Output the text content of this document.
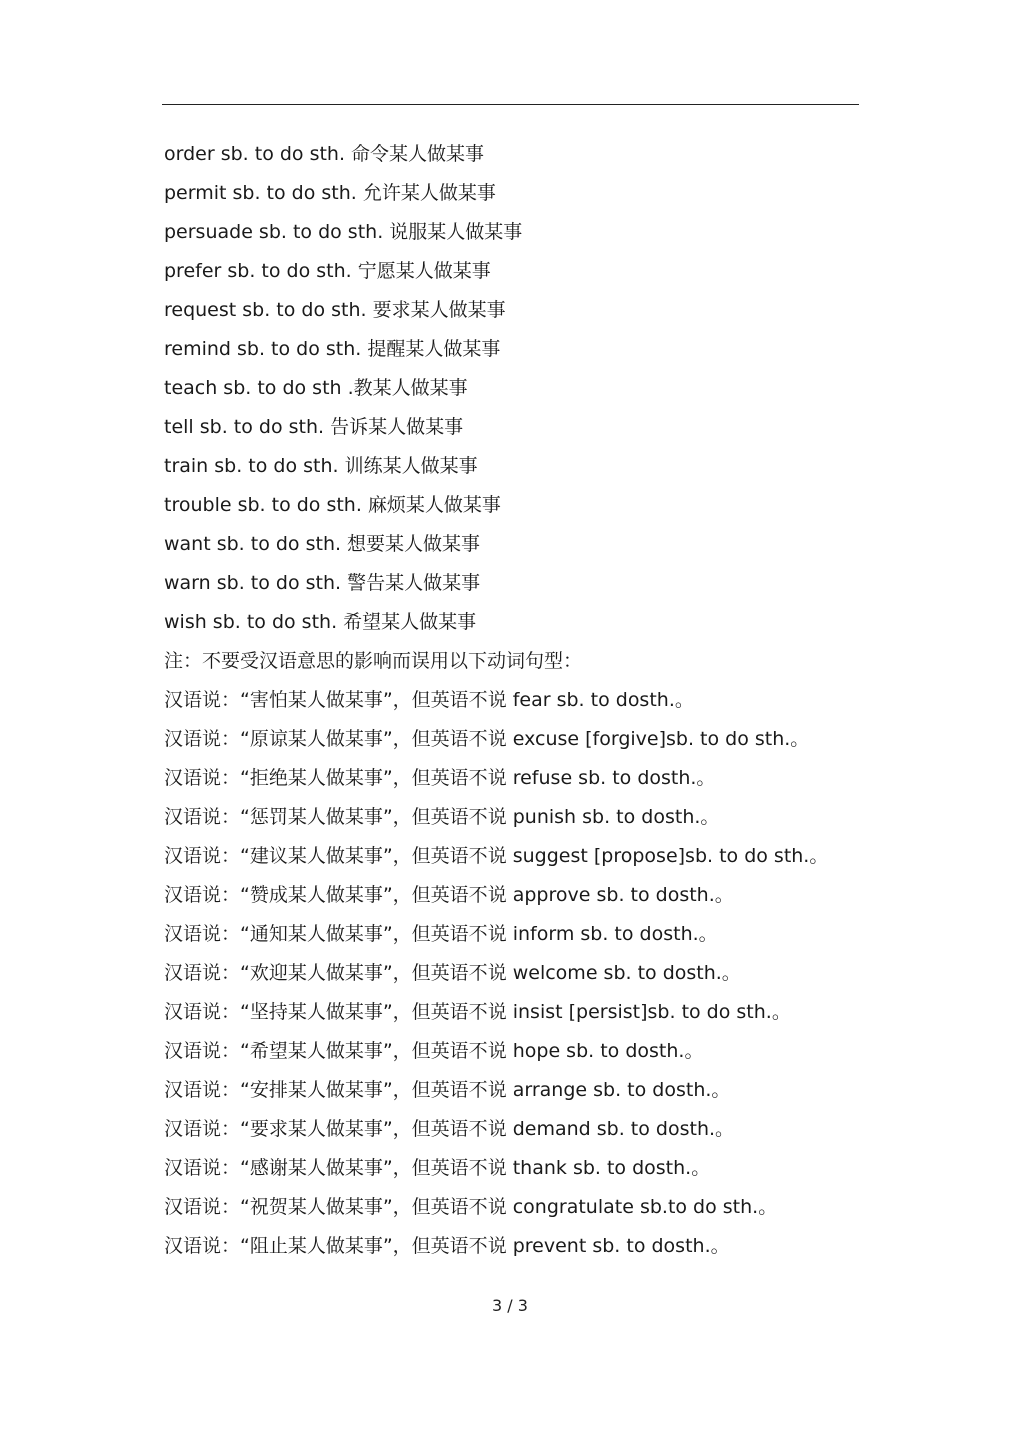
order sb. to do sth. 命令某人做某事
permit sb. to do sth. 允许某人做某事
persuade sb. to do sth. 说服某人做某事
prefer sb. to do sth. 宁愿某人做某事
request sb. to do sth. 要求某人做某事
remind sb. to do sth. 提醒某人做某事
teach sb. to do sth .教某人做某事
tell sb. to do sth. 告诉某人做某事
train sb. to do sth. 训练某人做某事
trouble sb. to do sth. 麻烦某人做某事
want sb. to do sth. 想要某人做某事
warn sb. to do sth. 警告某人做某事
wish sb. to do sth. 希望某人做某事
注：不要受汉语意思的影响而误用以下动词句型：
汉语说：“害怕某人做某事”，但英语不说 fear sb. to dosth.。
汉语说：“原谅某人做某事”，但英语不说 excuse [forgive]sb. to do sth.。
汉语说：“拒绝某人做某事”，但英语不说 refuse sb. to dosth.。
汉语说：“惩罚某人做某事”，但英语不说 punish sb. to dosth.。
汉语说：“建议某人做某事”，但英语不说 suggest [propose]sb. to do sth.。
汉语说：“赞成某人做某事”，但英语不说 approve sb. to dosth.。
汉语说：“通知某人做某事”，但英语不说 inform sb. to dosth.。
汉语说：“欢迎某人做某事”，但英语不说 welcome sb. to dosth.。
汉语说：“坚持某人做某事”，但英语不说 insist [persist]sb. to do sth.。
汉语说：“希望某人做某事”，但英语不说 hope sb. to dosth.。
汉语说：“安排某人做某事”，但英语不说 arrange sb. to dosth.。
汉语说：“要求某人做某事”，但英语不说 demand sb. to dosth.。
汉语说：“感谢某人做某事”，但英语不说 thank sb. to dosth.。
汉语说：“祝贺某人做某事”，但英语不说 congratulate sb.to do sth.。
汉语说：“阻止某人做某事”，但英语不说 prevent sb. to dosth.。
3 / 3
